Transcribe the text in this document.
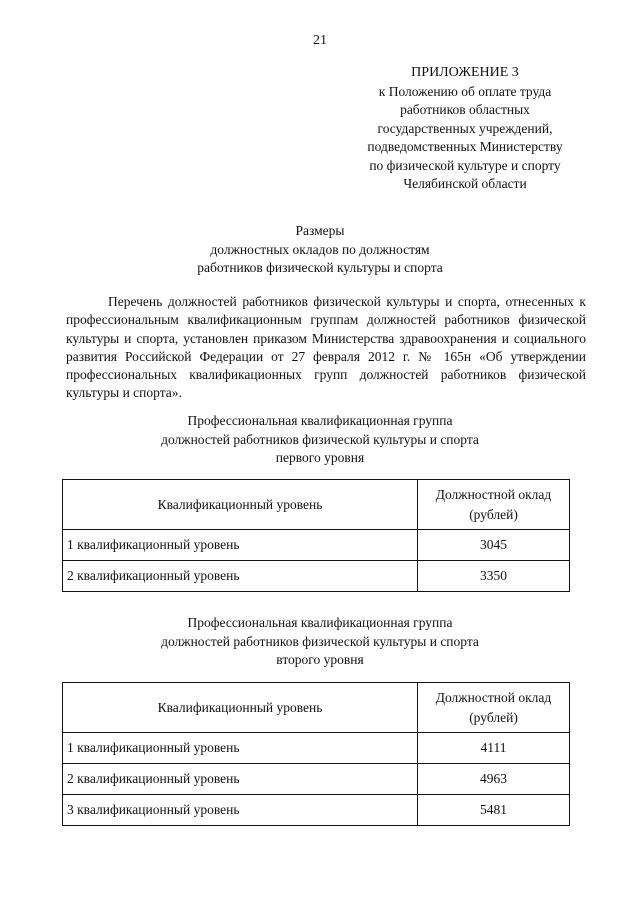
21
ПРИЛОЖЕНИЕ 3
к Положению об оплате труда
работников областных
государственных учреждений,
подведомственных Министерству
по физической культуре и спорту
Челябинской области
Размеры
должностных окладов по должностям
работников физической культуры и спорта

Перечень должностей работников физической культуры и спорта, отнесенных к профессиональным квалификационным группам должностей работников физической культуры и спорта, установлен приказом Министерства здравоохранения и социального развития Российской Федерации от 27 февраля 2012 г. № 165н «Об утверждении профессиональных квалификационных групп должностей работников физической культуры и спорта».

Профессиональная квалификационная группа
должностей работников физической культуры и спорта
первого уровня
Квалификационный уровень	Должностной оклад
(рублей)

1 квалификационный уровень	3045
2 квалификационный уровень	3350
Профессиональная квалификационная группа
должностей работников физической культуры и спорта
второго уровня
Квалификационный уровень	Должностной оклад
(рублей)

1 квалификационный уровень	4111
2 квалификационный уровень	4963
3 квалификационный уровень	5481
